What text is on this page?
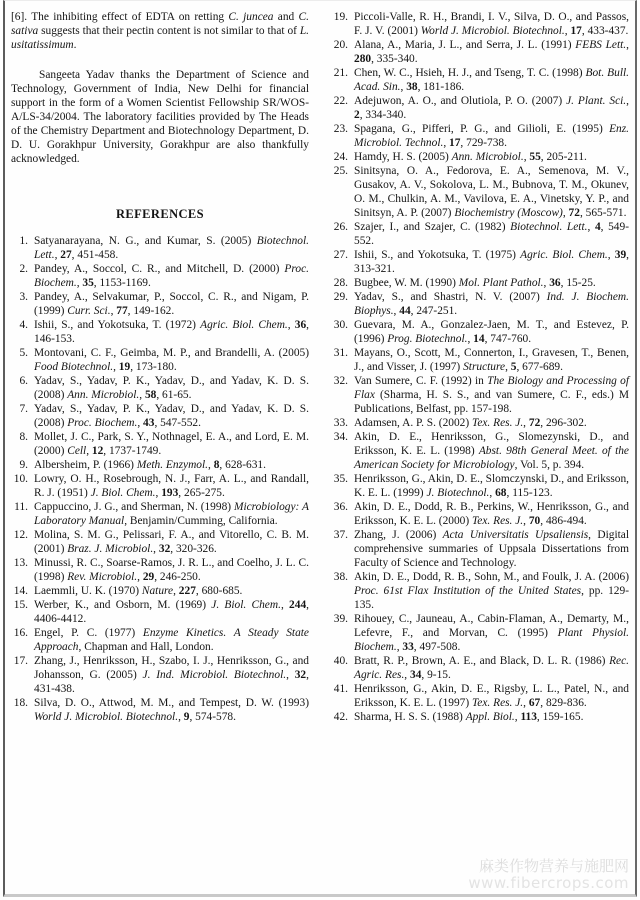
[6]. The inhibiting effect of EDTA on retting C. juncea and C. sativa suggests that their pectin content is not similar to that of L. usitatissimum.

Sangeeta Yadav thanks the Department of Science and Technology, Government of India, New Delhi for financial support in the form of a Women Scientist Fellowship SR/WOS-A/LS-34/2004. The laboratory facilities provided by The Heads of the Chemistry Department and Biotechnology Department, D. D. U. Gorakhpur University, Gorakhpur are also thankfully acknowledged.

REFERENCES
1. Satyanarayana, N. G., and Kumar, S. (2005) Biotechnol. Lett., 27, 451-458.
2. Pandey, A., Soccol, C. R., and Mitchell, D. (2000) Proc. Biochem., 35, 1153-1169.
3. Pandey, A., Selvakumar, P., Soccol, C. R., and Nigam, P. (1999) Curr. Sci., 77, 149-162.
4. Ishii, S., and Yokotsuka, T. (1972) Agric. Biol. Chem., 36, 146-153.
5. Montovani, C. F., Geimba, M. P., and Brandelli, A. (2005) Food Biotechnol., 19, 173-180.
6. Yadav, S., Yadav, P. K., Yadav, D., and Yadav, K. D. S. (2008) Ann. Microbiol., 58, 61-65.
7. Yadav, S., Yadav, P. K., Yadav, D., and Yadav, K. D. S. (2008) Proc. Biochem., 43, 547-552.
8. Mollet, J. C., Park, S. Y., Nothnagel, E. A., and Lord, E. M. (2000) Cell, 12, 1737-1749.
9. Albersheim, P. (1966) Meth. Enzymol., 8, 628-631.
10. Lowry, O. H., Rosebrough, N. J., Farr, A. L., and Randall, R. J. (1951) J. Biol. Chem., 193, 265-275.
11. Cappuccino, J. G., and Sherman, N. (1998) Microbiology: A Laboratory Manual, Benjamin/Cumming, California.
12. Molina, S. M. G., Pelissari, F. A., and Vitorello, C. B. M. (2001) Braz. J. Microbiol., 32, 320-326.
13. Minussi, R. C., Soarse-Ramos, J. R. L., and Coelho, J. L. C. (1998) Rev. Microbiol., 29, 246-250.
14. Laemmli, U. K. (1970) Nature, 227, 680-685.
15. Werber, K., and Osborn, M. (1969) J. Biol. Chem., 244, 4406-4412.
16. Engel, P. C. (1977) Enzyme Kinetics. A Steady State Approach, Chapman and Hall, London.
17. Zhang, J., Henriksson, H., Szabo, I. J., Henriksson, G., and Johansson, G. (2005) J. Ind. Microbiol. Biotechnol., 32, 431-438.
18. Silva, D. O., Attwod, M. M., and Tempest, D. W. (1993) World J. Microbiol. Biotechnol., 9, 574-578.
19. Piccoli-Valle, R. H., Brandi, I. V., Silva, D. O., and Passos, F. J. V. (2001) World J. Microbiol. Biotechnol., 17, 433-437.
20. Alana, A., Maria, J. L., and Serra, J. L. (1991) FEBS Lett., 280, 335-340.
21. Chen, W. C., Hsieh, H. J., and Tseng, T. C. (1998) Bot. Bull. Acad. Sin., 38, 181-186.
22. Adejuwon, A. O., and Olutiola, P. O. (2007) J. Plant. Sci., 2, 334-340.
23. Spagana, G., Pifferi, P. G., and Gilioli, E. (1995) Enz. Microbiol. Technol., 17, 729-738.
24. Hamdy, H. S. (2005) Ann. Microbiol., 55, 205-211.
25. Sinitsyna, O. A., Fedorova, E. A., Semenova, M. V., Gusakov, A. V., Sokolova, L. M., Bubnova, T. M., Okunev, O. M., Chulkin, A. M., Vavilova, E. A., Vinetsky, Y. P., and Sinitsyn, A. P. (2007) Biochemistry (Moscow), 72, 565-571.
26. Szajer, I., and Szajer, C. (1982) Biotechnol. Lett., 4, 549-552.
27. Ishii, S., and Yokotsuka, T. (1975) Agric. Biol. Chem., 39, 313-321.
28. Bugbee, W. M. (1990) Mol. Plant Pathol., 36, 15-25.
29. Yadav, S., and Shastri, N. V. (2007) Ind. J. Biochem. Biophys., 44, 247-251.
30. Guevara, M. A., Gonzalez-Jaen, M. T., and Estevez, P. (1996) Prog. Biotechnol., 14, 747-760.
31. Mayans, O., Scott, M., Connerton, I., Gravesen, T., Benen, J., and Visser, J. (1997) Structure, 5, 677-689.
32. Van Sumere, C. F. (1992) in The Biology and Processing of Flax (Sharma, H. S. S., and van Sumere, C. F., eds.) M Publications, Belfast, pp. 157-198.
33. Adamsen, A. P. S. (2002) Tex. Res. J., 72, 296-302.
34. Akin, D. E., Henriksson, G., Slomezynski, D., and Eriksson, K. E. L. (1998) Abst. 98th General Meet. of the American Society for Microbiology, Vol. 5, p. 394.
35. Henriksson, G., Akin, D. E., Slomczynski, D., and Eriksson, K. E. L. (1999) J. Biotechnol., 68, 115-123.
36. Akin, D. E., Dodd, R. B., Perkins, W., Henriksson, G., and Eriksson, K. E. L. (2000) Tex. Res. J., 70, 486-494.
37. Zhang, J. (2006) Acta Universitatis Upsaliensis, Digital comprehensive summaries of Uppsala Dissertations from Faculty of Science and Technology.
38. Akin, D. E., Dodd, R. B., Sohn, M., and Foulk, J. A. (2006) Proc. 61st Flax Institution of the United States, pp. 129-135.
39. Rihouey, C., Jauneau, A., Cabin-Flaman, A., Demarty, M., Lefevre, F., and Morvan, C. (1995) Plant Physiol. Biochem., 33, 497-508.
40. Bratt, R. P., Brown, A. E., and Black, D. L. R. (1986) Rec. Agric. Res., 34, 9-15.
41. Henriksson, G., Akin, D. E., Rigsby, L. L., Patel, N., and Eriksson, K. E. L. (1997) Tex. Res. J., 67, 829-836.
42. Sharma, H. S. S. (1988) Appl. Biol., 113, 159-165.
麻类作物营养与施肥网
www.fibercrops.com
